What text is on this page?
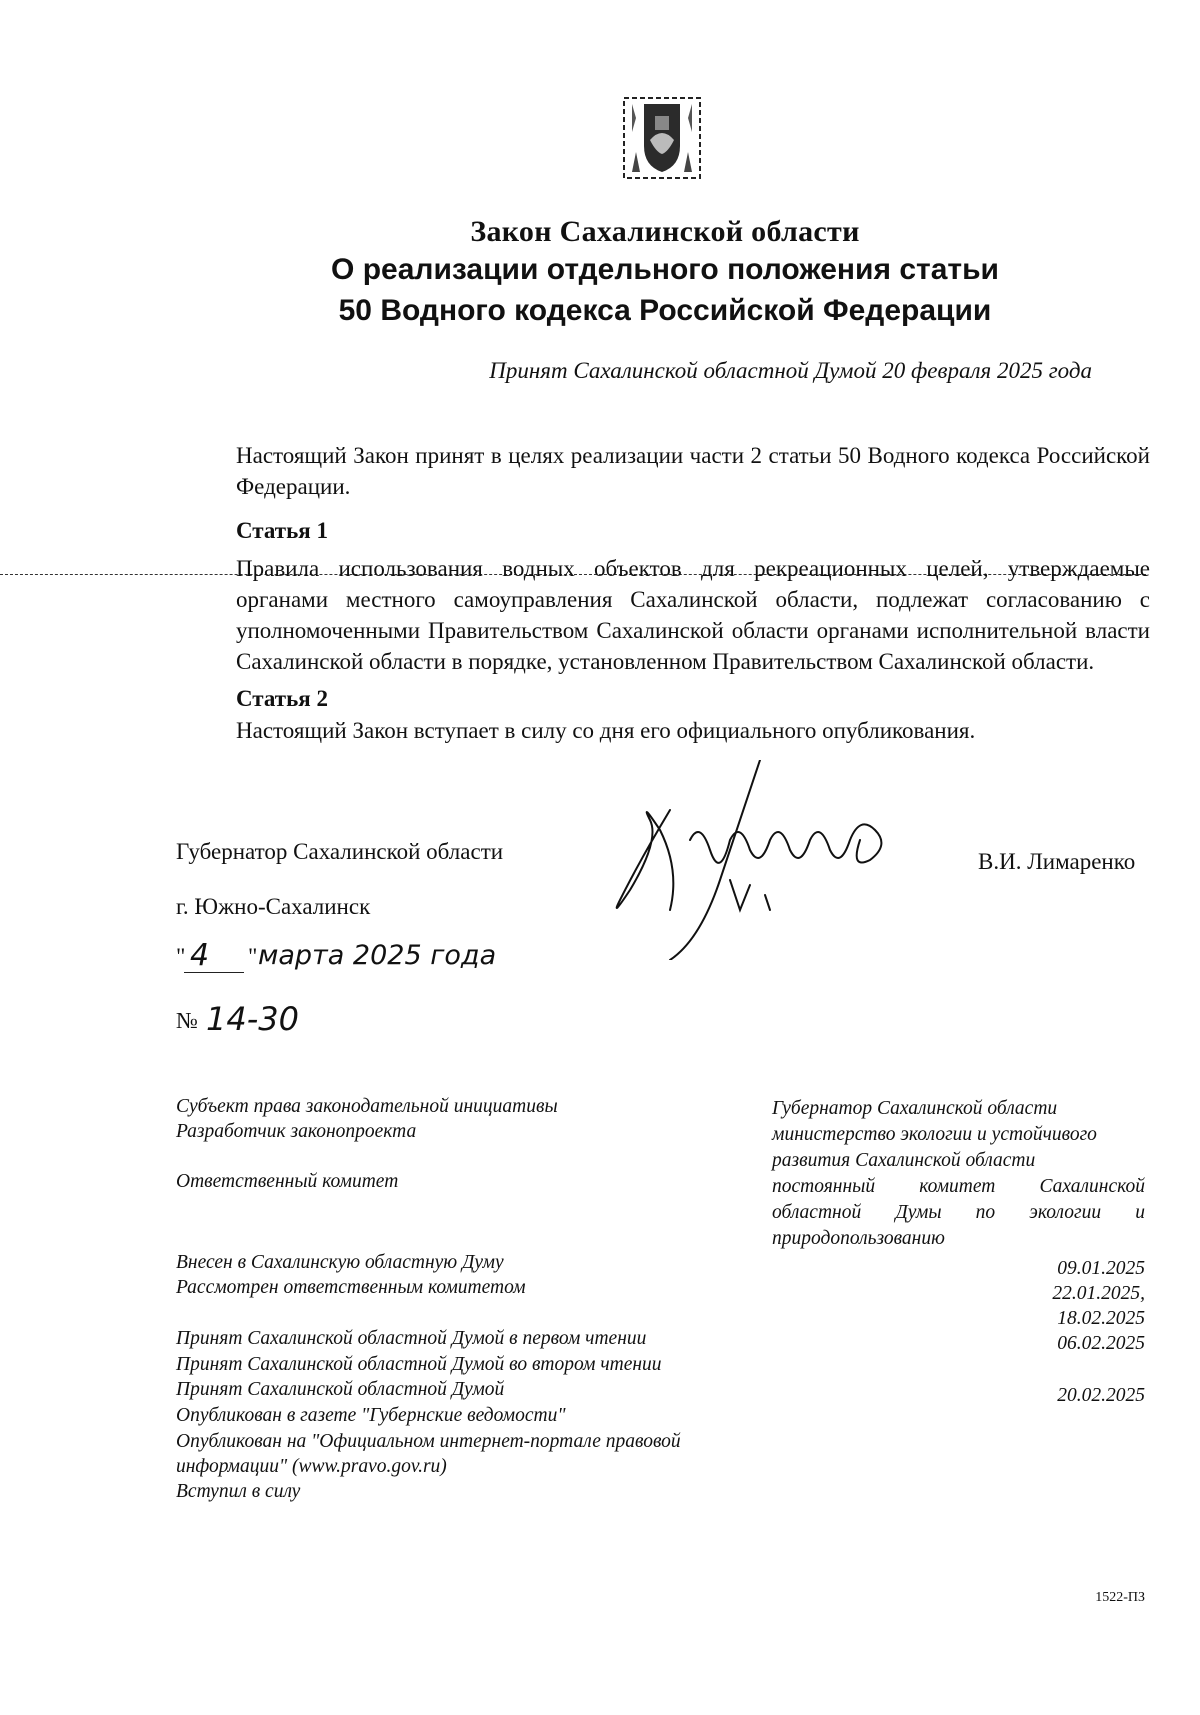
Закон Сахалинской области
О реализации отдельного положения статьи
50 Водного кодекса Российской Федерации
Принят Сахалинской областной Думой 20 февраля 2025 года
Настоящий Закон принят в целях реализации части 2 статьи 50 Водного кодекса Российской Федерации.
Статья 1
Правила использования водных объектов для рекреационных целей, утверждаемые органами местного самоуправления Сахалинской области, подлежат согласованию с уполномоченными Правительством Сахалинской области органами исполнительной власти Сахалинской области в порядке, установленном Правительством Сахалинской области.
Статья 2
Настоящий Закон вступает в силу со дня его официального опубликования.
Губернатор Сахалинской области	В.И. Лимаренко
г. Южно-Сахалинск
" 4 " марта 2025 года
№ 14-30
Субъект права законодательной инициативы
Разработчик законопроекта
Ответственный комитет
Внесен в Сахалинскую областную Думу
Рассмотрен ответственным комитетом
Принят Сахалинской областной Думой в первом чтении
Принят Сахалинской областной Думой во втором чтении
Принят Сахалинской областной Думой
Опубликован в газете "Губернские ведомости"
Опубликован на "Официальном интернет-портале правовой
информации" (www.pravo.gov.ru)
Вступил в силу
Губернатор Сахалинской области
министерство экологии и устойчивого
развития Сахалинской области
постоянный комитет Сахалинской
областной Думы по экологии и
природопользованию
09.01.2025
22.01.2025,
18.02.2025
06.02.2025
20.02.2025
1522-ПЗ
